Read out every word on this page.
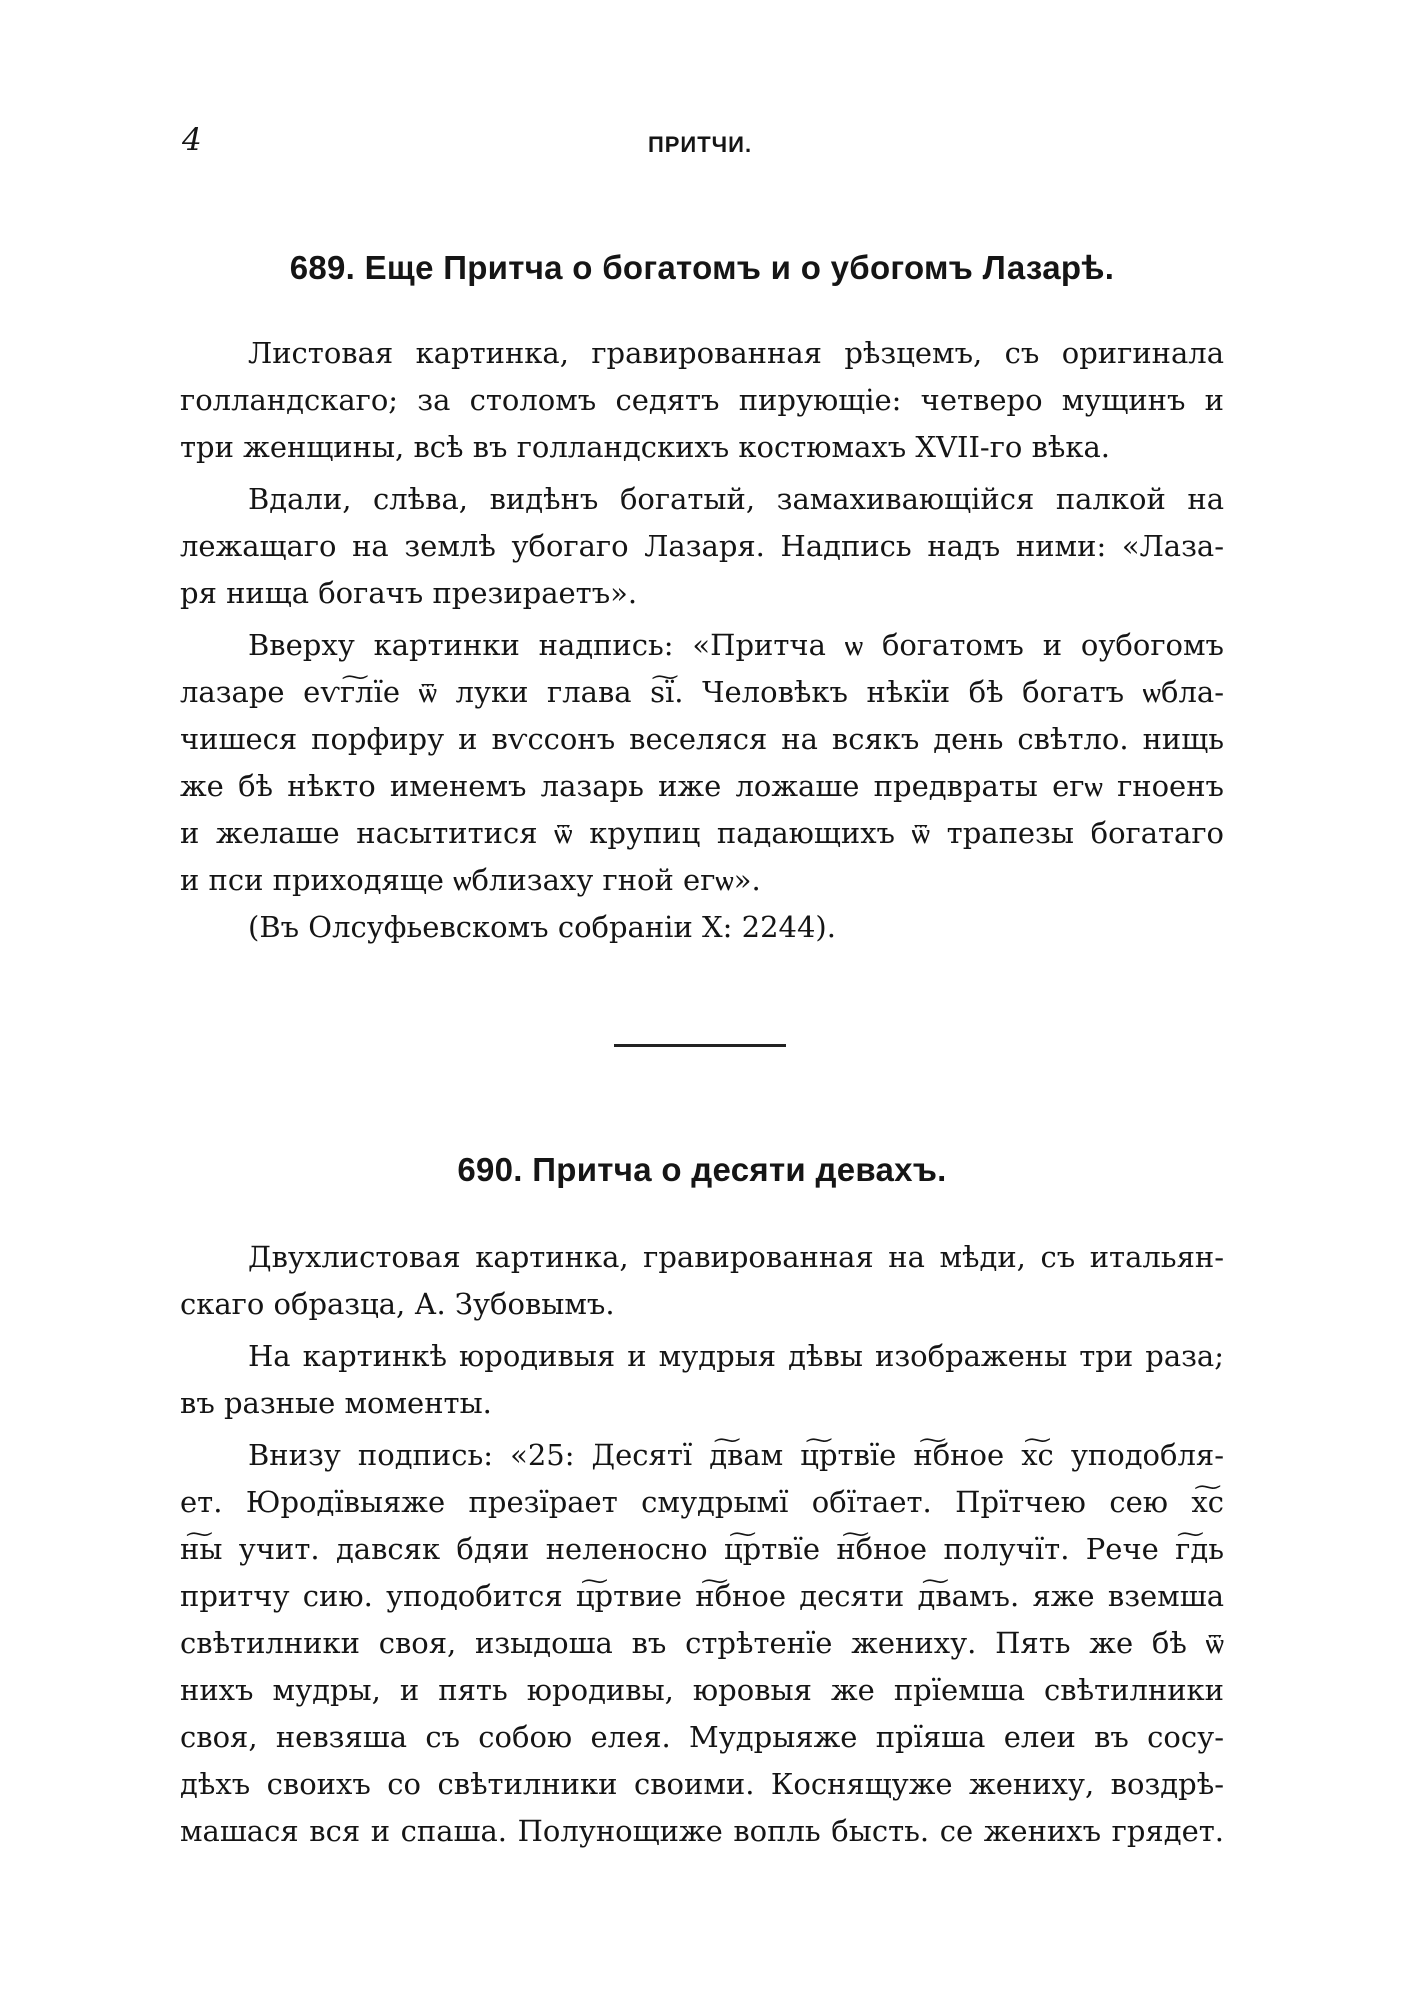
4	ПРИТЧИ.
689. Еще Притча о богатомъ и о убогомъ Лазарѣ.
Листовая картинка, гравированная рѣзцемъ, съ оригинала
голландскаго; за столомъ седятъ пирующіе: четверо мущинъ и
три женщины, всѣ въ голландскихъ костюмахъ XVII-го вѣка.
Вдали, слѣва, видѣнъ богатый, замахивающійся палкой на
лежащаго на землѣ убогаго Лазаря. Надпись надъ ними: «Лаза-
ря нища богачъ презираетъ».
Вверху картинки надпись: «Притча ѡ богатомъ и оубогомъ
лазаре еѵг͠лїе ѿ луки глава ѕ͠ї. Человѣкъ нѣкїи бѣ богатъ ѡбла-
чишеся порфиру и вѵссонъ веселяся на всякъ день свѣтло. нищь
же бѣ нѣкто именемъ лазарь иже ложаше предвраты егѡ гноенъ
и желаше насытитися ѿ крупиц падающихъ ѿ трапезы богатаго
и пси приходяще ѡблизаху гной егѡ».
(Въ Олсуфьевскомъ собраніи X: 2244).
690. Притча о десяти девахъ.
Двухлистовая картинка, гравированная на мѣди, съ итальян-
скаго образца, А. Зубовымъ.
На картинкѣ юродивыя и мудрыя дѣвы изображены три раза;
въ разные моменты.
Внизу подпись: «25: Десятї д͠вам ц͠ртвїе н͠бное х͠с уподобля-
ет. Юродївыяже презїрает смудрымї обїтает. Прїтчею сею х͠с
н͠ы учит. давсяк бдяи неленосно ц͠ртвїе н͠бное получїт. Рече г͠дь
притчу сию. уподобится ц͠ртвие н͠бное десяти д͠вамъ. яже вземша
свѣтилники своя, изыдоша въ стрѣтенїе жениху. Пять же бѣ ѿ
нихъ мудры, и пять юродивы, юровыя же прїемша свѣтилники
своя, невзяша съ собою елея. Мудрыяже прїяша елеи въ сосу-
дѣхъ своихъ со свѣтилники своими. Коснящуже жениху, воздрѣ-
машася вся и спаша. Полунощиже вопль бысть. се женихъ грядет.
